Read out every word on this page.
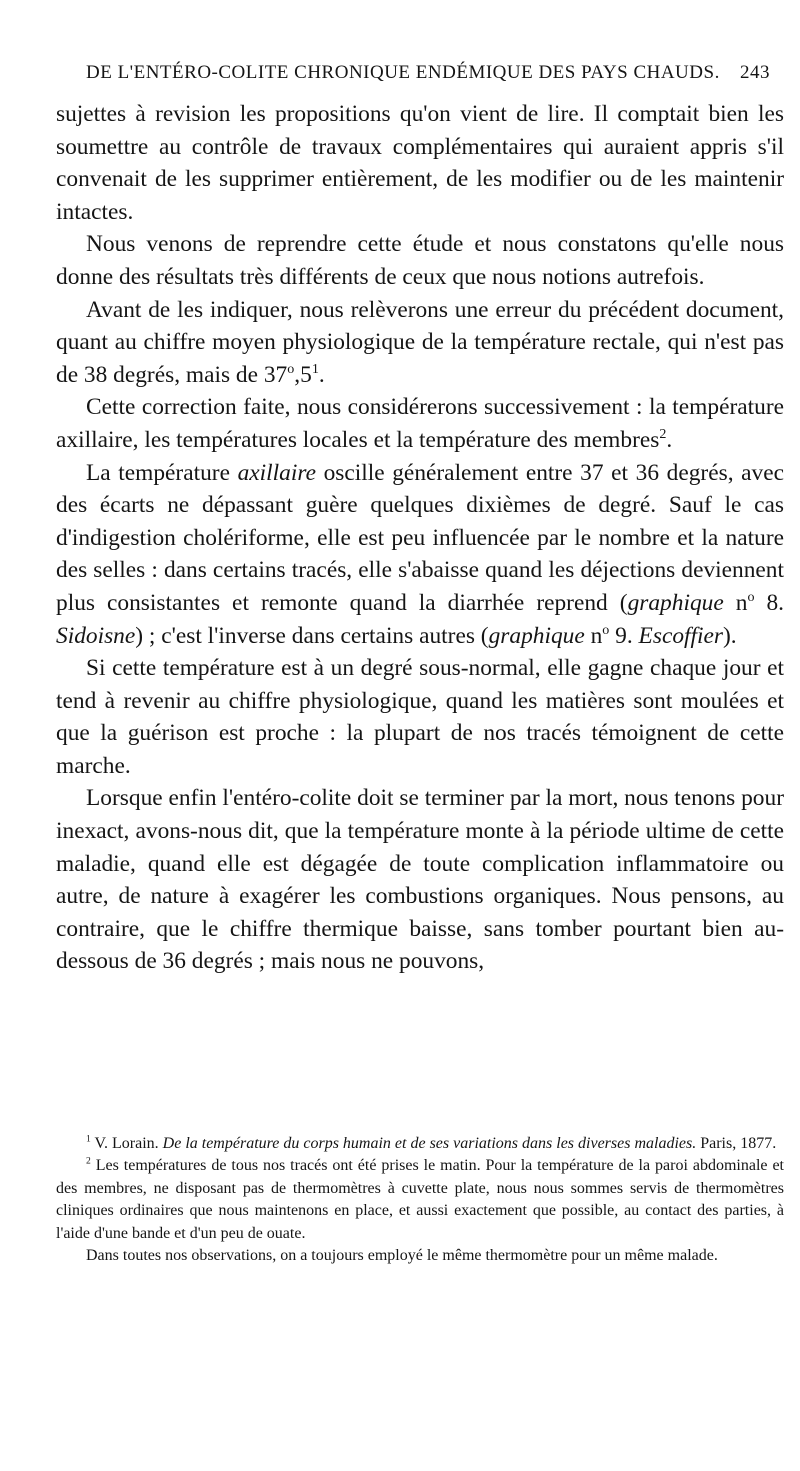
DE L'ENTÉRO-COLITE CHRONIQUE ENDÉMIQUE DES PAYS CHAUDS. 243

sujettes à revision les propositions qu'on vient de lire. Il comptait bien les soumettre au contrôle de travaux complémentaires qui auraient appris s'il convenait de les supprimer entièrement, de les modifier ou de les maintenir intactes.

Nous venons de reprendre cette étude et nous constatons qu'elle nous donne des résultats très différents de ceux que nous notions autrefois.

Avant de les indiquer, nous relèverons une erreur du précédent document, quant au chiffre moyen physiologique de la température rectale, qui n'est pas de 38 degrés, mais de $37^o,5^1$.

Cette correction faite, nous considérerons successivement : la température axillaire, les températures locales et la température des membres$^2$.

La température axillaire oscille généralement entre 37 et 36 degrés, avec des écarts ne dépassant guère quelques dixièmes de degré. Sauf le cas d'indigestion cholériforme, elle est peu influencée par le nombre et la nature des selles : dans certains tracés, elle s'abaisse quand les déjections deviennent plus consistantes et remonte quand la diarrhée reprend (graphique $n^o$ 8. Sidoisne) ; c'est l'inverse dans certains autres (graphique $n^o$ 9. Escoffier).

Si cette température est à un degré sous-normal, elle gagne chaque jour et tend à revenir au chiffre physiologique, quand les matières sont moulées et que la guérison est proche : la plupart de nos tracés témoignent de cette marche.

Lorsque enfin l'entéro-colite doit se terminer par la mort, nous tenons pour inexact, avons-nous dit, que la température monte à la période ultime de cette maladie, quand elle est dégagée de toute complication inflammatoire ou autre, de nature à exagérer les combustions organiques. Nous pensons, au contraire, que le chiffre thermique baisse, sans tomber pourtant bien au-dessous de 36 degrés ; mais nous ne pouvons,

$^1$ V. Lorain. De la température du corps humain et de ses variations dans les diverses maladies. Paris, 1877.

$^2$ Les températures de tous nos tracés ont été prises le matin. Pour la température de la paroi abdominale et des membres, ne disposant pas de thermomètres à cuvette plate, nous nous sommes servis de thermomètres cliniques ordinaires que nous maintenons en place, et aussi exactement que possible, au contact des parties, à l'aide d'une bande et d'un peu de ouate.

Dans toutes nos observations, on a toujours employé le même thermomètre pour un même malade.
